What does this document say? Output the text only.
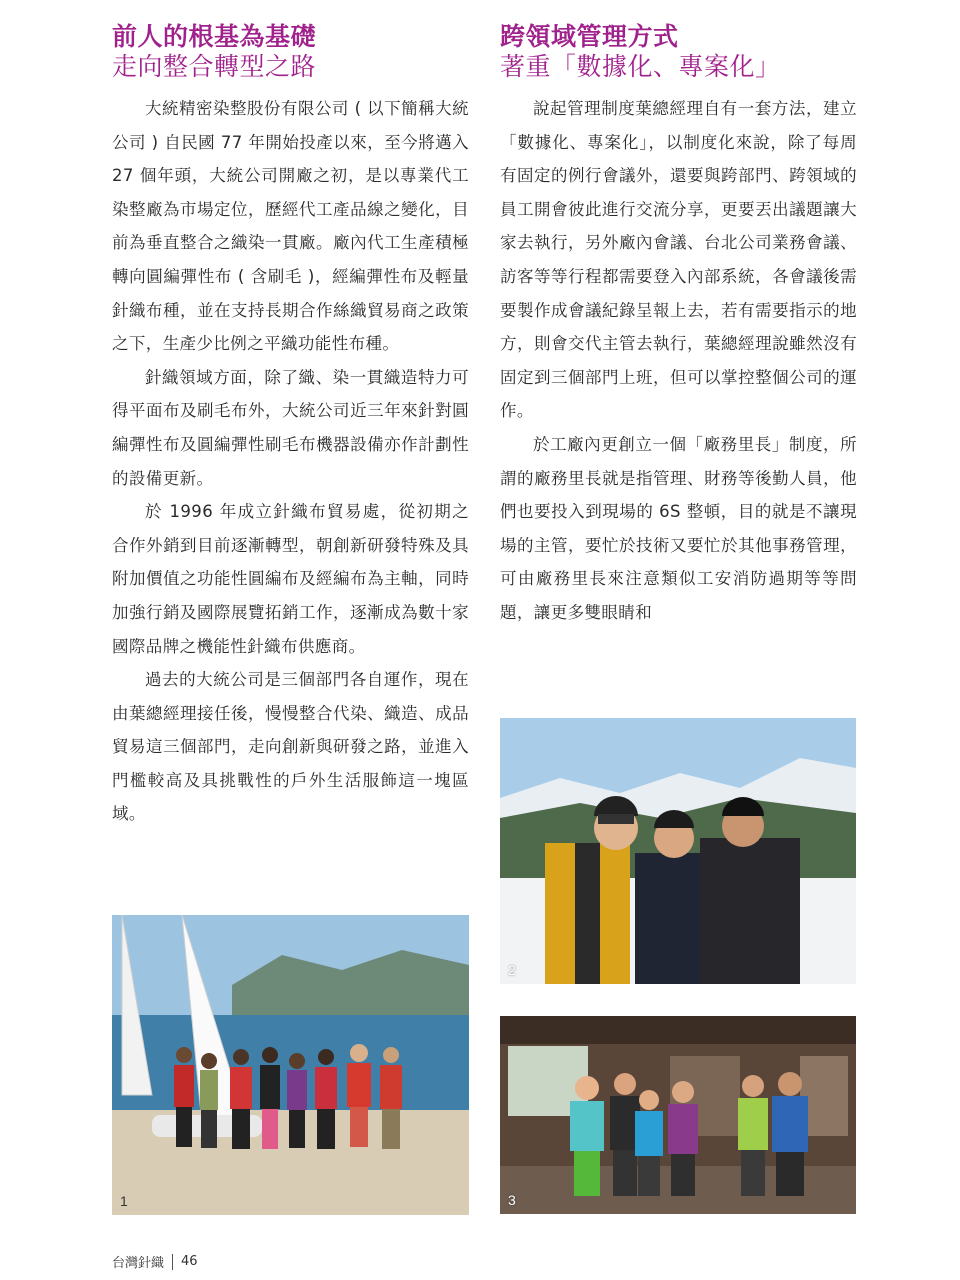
前人的根基為基礎
走向整合轉型之路

大統精密染整股份有限公司 ( 以下簡稱大統公司 ) 自民國 77 年開始投產以來，至今將邁入 27 個年頭，大統公司開廠之初，是以專業代工染整廠為市場定位，歷經代工產品線之變化，目前為垂直整合之織染一貫廠。廠內代工生產積極轉向圓編彈性布 ( 含刷毛 )，經編彈性布及輕量針織布種，並在支持長期合作絲織貿易商之政策之下，生產少比例之平織功能性布種。

針織領域方面，除了織、染一貫織造特力可得平面布及刷毛布外，大統公司近三年來針對圓編彈性布及圓編彈性刷毛布機器設備亦作計劃性的設備更新。

於 1996 年成立針織布貿易處，從初期之合作外銷到目前逐漸轉型，朝創新研發特殊及具附加價值之功能性圓編布及經編布為主軸，同時加強行銷及國際展覽拓銷工作，逐漸成為數十家國際品牌之機能性針織布供應商。

過去的大統公司是三個部門各自運作，現在由葉總經理接任後，慢慢整合代染、織造、成品貿易這三個部門，走向創新與研發之路，並進入門檻較高及具挑戰性的戶外生活服飾這一塊區域。

跨領域管理方式
著重「數據化、專案化」

說起管理制度葉總經理自有一套方法，建立「數據化、專案化」，以制度化來說，除了每周有固定的例行會議外，還要與跨部門、跨領域的員工開會彼此進行交流分享，更要丟出議題讓大家去執行，另外廠內會議、台北公司業務會議、訪客等等行程都需要登入內部系統，各會議後需要製作成會議紀錄呈報上去，若有需要指示的地方，則會交代主管去執行，葉總經理說雖然沒有固定到三個部門上班，但可以掌控整個公司的運作。

於工廠內更創立一個「廠務里長」制度，所謂的廠務里長就是指管理、財務等後勤人員，他們也要投入到現場的 6S 整頓，目的就是不讓現場的主管，要忙於技術又要忙於其他事務管理，可由廠務里長來注意類似工安消防過期等等問題，讓更多雙眼睛和

1
2
3
台灣針織 46
